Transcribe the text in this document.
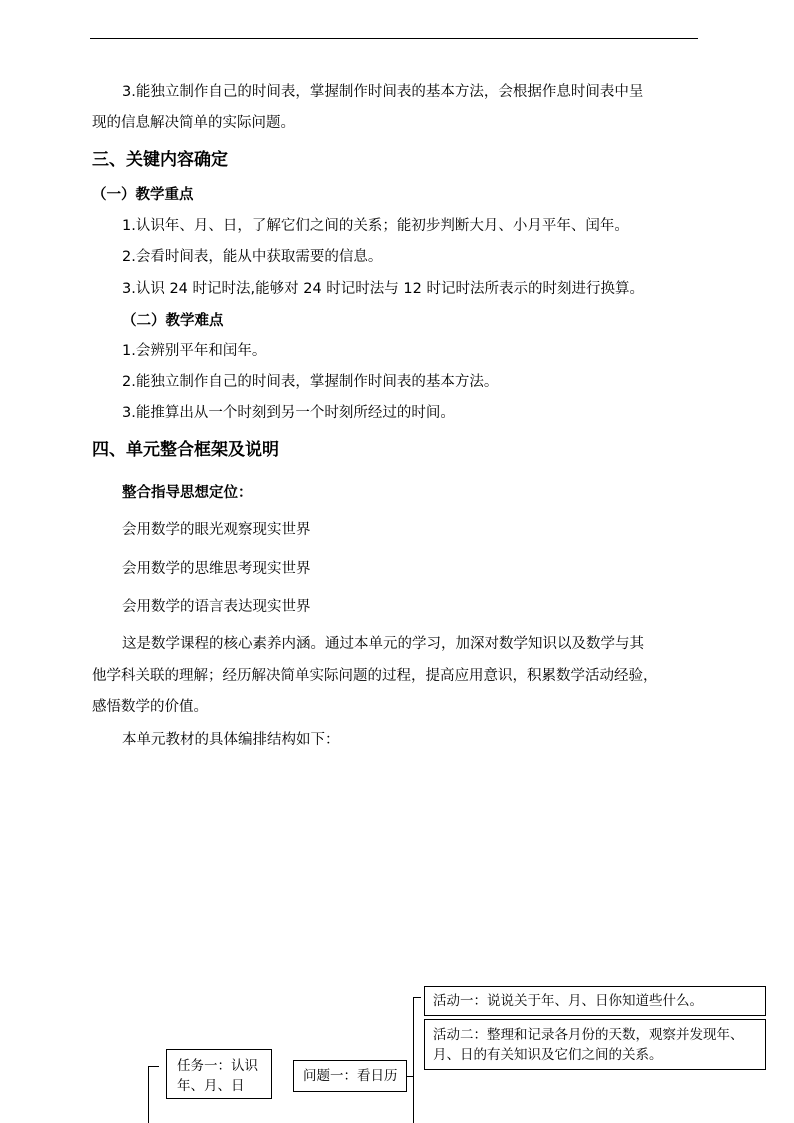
3.能独立制作自己的时间表，掌握制作时间表的基本方法，会根据作息时间表中呈
现的信息解决简单的实际问题。
三、关键内容确定
（一）教学重点
1.认识年、月、日，了解它们之间的关系；能初步判断大月、小月平年、闰年。
2.会看时间表，能从中获取需要的信息。
3.认识 24 时记时法,能够对 24 时记时法与 12 时记时法所表示的时刻进行换算。
（二）教学难点
1.会辨别平年和闰年。
2.能独立制作自己的时间表，掌握制作时间表的基本方法。
3.能推算出从一个时刻到另一个时刻所经过的时间。
四、单元整合框架及说明
整合指导思想定位：
会用数学的眼光观察现实世界
会用数学的思维思考现实世界
会用数学的语言表达现实世界
这是数学课程的核心素养内涵。通过本单元的学习，加深对数学知识以及数学与其
他学科关联的理解；经历解决简单实际问题的过程，提高应用意识，积累数学活动经验，
感悟数学的价值。
本单元教材的具体编排结构如下：
任务一：认识
年、月、日
问题一：看日历
活动一：说说关于年、月、日你知道些什么。
活动二：整理和记录各月份的天数，观察并发现年、
月、日的有关知识及它们之间的关系。
